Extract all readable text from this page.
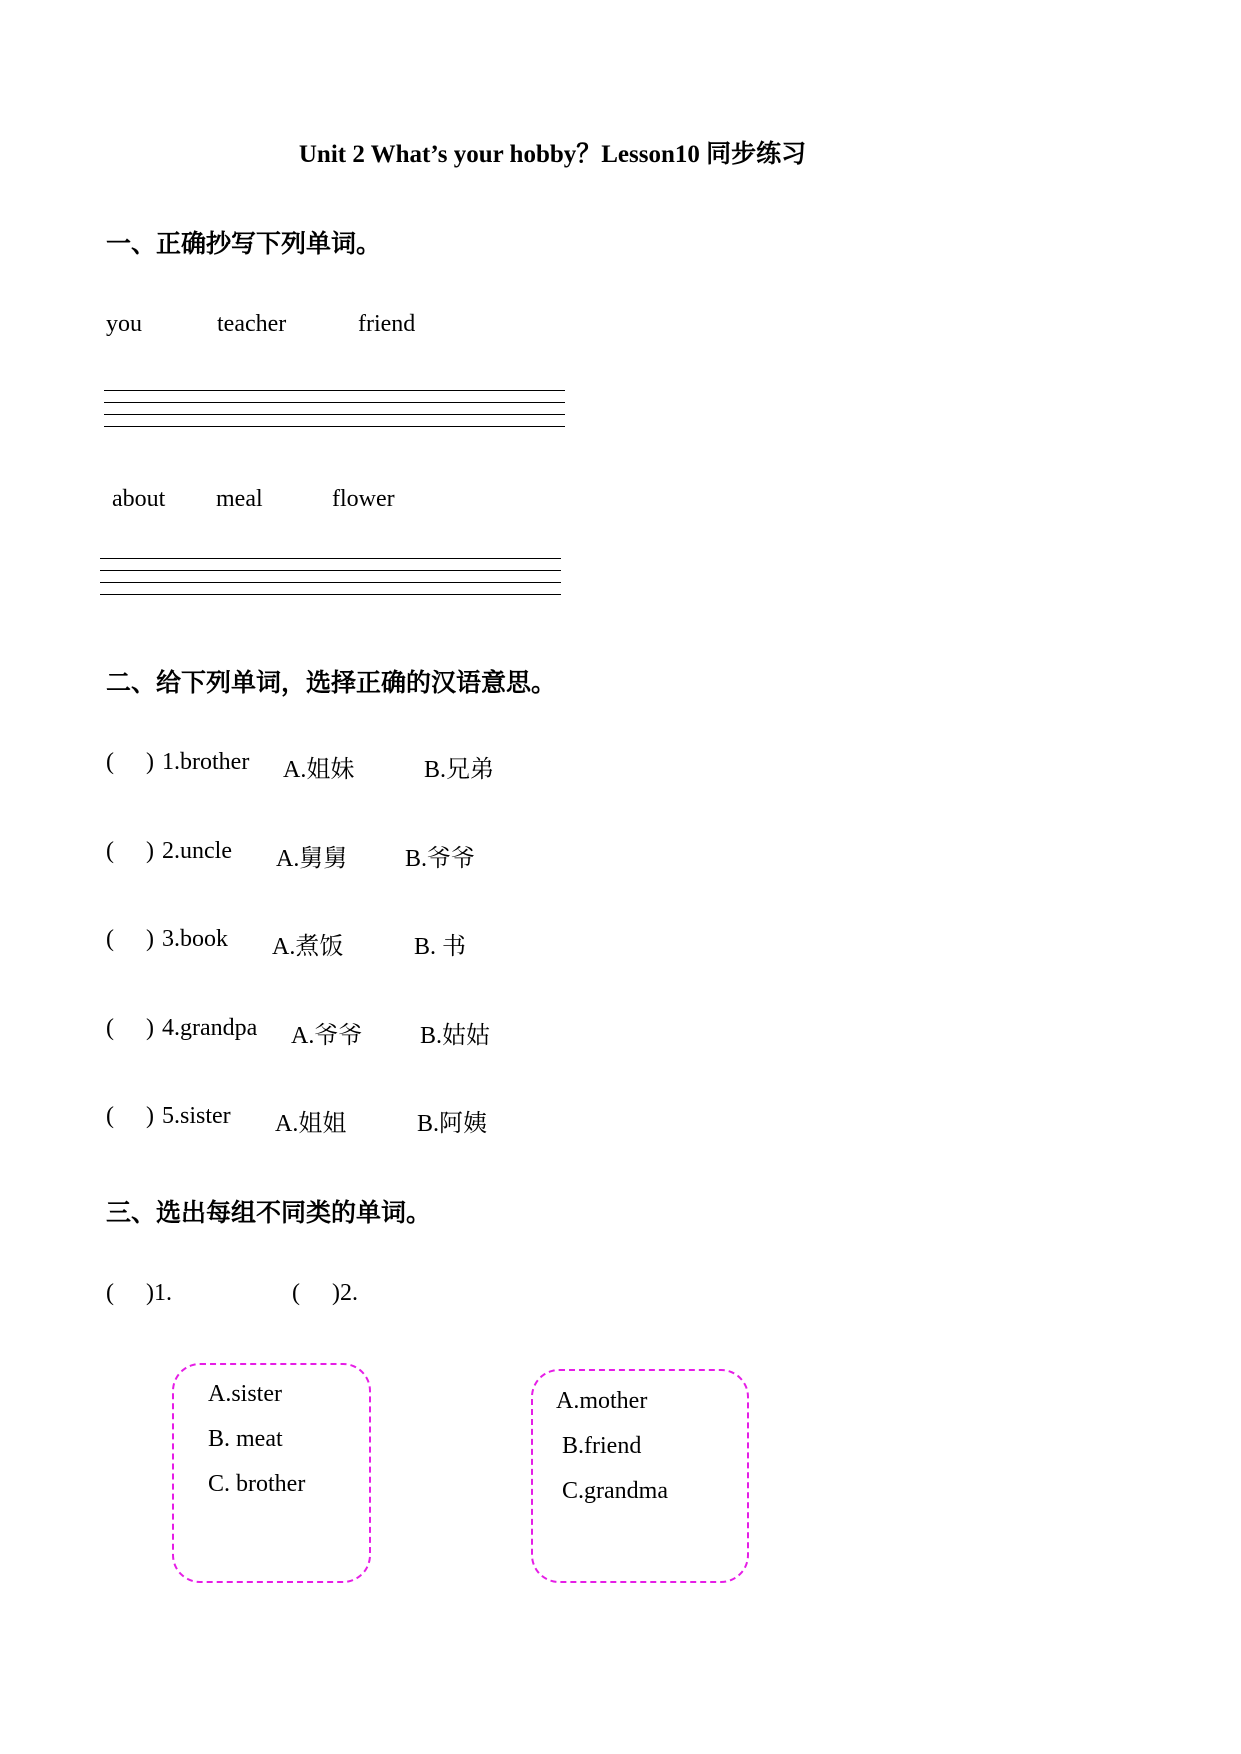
Unit 2 What’s your hobby？Lesson10 同步练习
一、正确抄写下列单词。
you	teacher	friend
about meal	flower
二、给下列单词，选择正确的汉语意思。
( ) 1.brother A.姐妹	B.兄弟
( ) 2.uncle A.舅舅 B.爷爷
( ) 3.book A.煮饭	B. 书
( ) 4.grandpa A.爷爷 B.姑姑
( ) 5.sister A.姐姐	B.阿姨
三、选出每组不同类的单词。
( )1.	( )2.
A.sister
B. meat
C. brother
A.mother
B.friend
C.grandma
